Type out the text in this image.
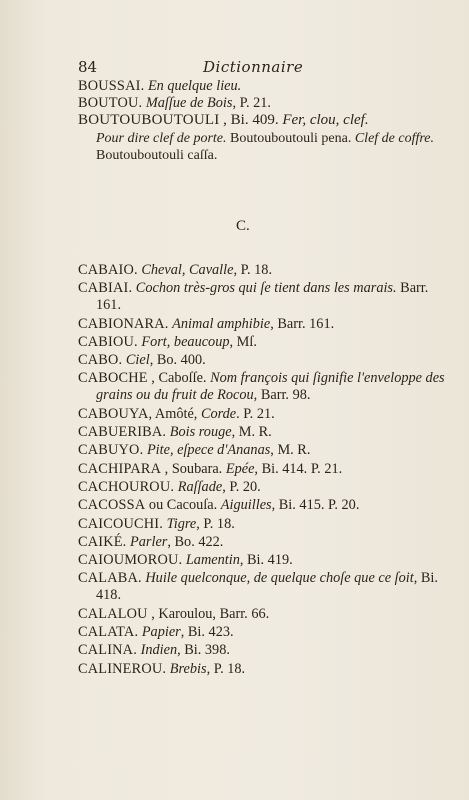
84	Dictionnaire
BOUSSAI. En quelque lieu.
BOUTOU. Maſſue de Bois, P. 21.
BOUTOUBOUTOULI , Bi. 409. Fer, clou, clef.
Pour dire clef de porte. Boutouboutouli pena. Clef de coffre. Boutouboutouli caſſa.
C.
CABAIO. Cheval, Cavalle, P. 18.
CABIAI. Cochon très-gros qui ſe tient dans les marais. Barr. 161.
CABIONARA. Animal amphibie, Barr. 161.
CABIOU. Fort, beaucoup, Mſ.
CABO. Ciel, Bo. 400.
CABOCHE , Caboſſe. Nom françois qui ſignifie l'enveloppe des grains ou du fruit de Rocou, Barr. 98.
CABOUYA, Amôté, Corde. P. 21.
CABUERIBA. Bois rouge, M. R.
CABUYO. Pite, eſpece d'Ananas, M. R.
CACHIPARA , Soubara. Epée, Bi. 414. P. 21.
CACHOUROU. Raſſade, P. 20.
CACOSSA ou Cacouſa. Aiguilles, Bi. 415. P. 20.
CAICOUCHI. Tigre, P. 18.
CAIKÉ. Parler, Bo. 422.
CAIOUMOROU. Lamentin, Bi. 419.
CALABA. Huile quelconque, de quelque choſe que ce ſoit, Bi. 418.
CALALOU , Karoulou, Barr. 66.
CALATA. Papier, Bi. 423.
CALINA. Indien, Bi. 398.
CALINEROU. Brebis, P. 18.
